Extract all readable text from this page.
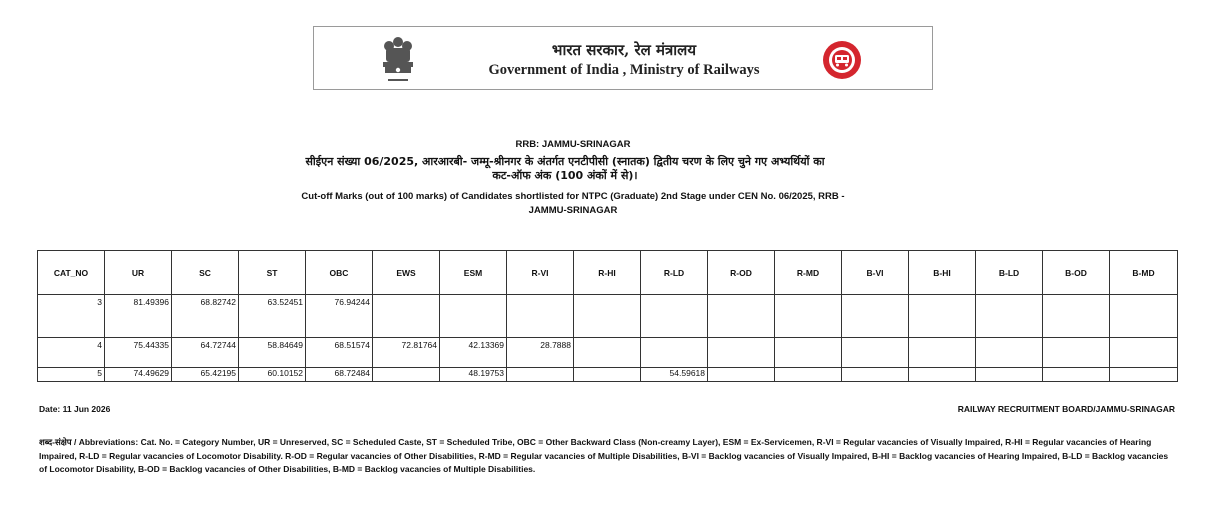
भारत सरकार, रेल मंत्रालय
Government of India , Ministry of Railways
RRB: JAMMU-SRINAGAR
सीईएन संख्या 06/2025, आरआरबी- जम्मू-श्रीनगर के अंतर्गत एनटीपीसी (स्नातक) द्वितीय चरण के लिए चुने गए अभ्यर्थियों का कट-ऑफ अंक (100 अंकों में से)।
Cut-off Marks (out of 100 marks) of Candidates shortlisted for NTPC (Graduate) 2nd Stage under CEN No. 06/2025, RRB - JAMMU-SRINAGAR
CAT_NO	UR	SC	ST	OBC	EWS	ESM	R-VI	R-HI	R-LD	R-OD	R-MD	B-VI	B-HI	B-LD	B-OD	B-MD
3	81.49396	68.82742	63.52451	76.94244												
4	75.44335	64.72744	58.84649	68.51574	72.81764	42.13369	28.7888									
5	74.49629	65.42195	60.10152	68.72484		48.19753			54.59618							
Date: 11 Jun 2026	RAILWAY RECRUITMENT BOARD/JAMMU-SRINAGAR
शब्द-संक्षेप / Abbreviations: Cat. No. = Category Number, UR = Unreserved, SC = Scheduled Caste, ST = Scheduled Tribe, OBC = Other Backward Class (Non-creamy Layer), ESM = Ex-Servicemen, R-VI = Regular vacancies of Visually Impaired, R-HI = Regular vacancies of Hearing Impaired, R-LD = Regular vacancies of Locomotor Disability. R-OD = Regular vacancies of Other Disabilities, R-MD = Regular vacancies of Multiple Disabilities, B-VI = Backlog vacancies of Visually Impaired, B-HI = Backlog vacancies of Hearing Impaired, B-LD = Backlog vacancies of Locomotor Disability, B-OD = Backlog vacancies of Other Disabilities, B-MD = Backlog vacancies of Multiple Disabilities.
